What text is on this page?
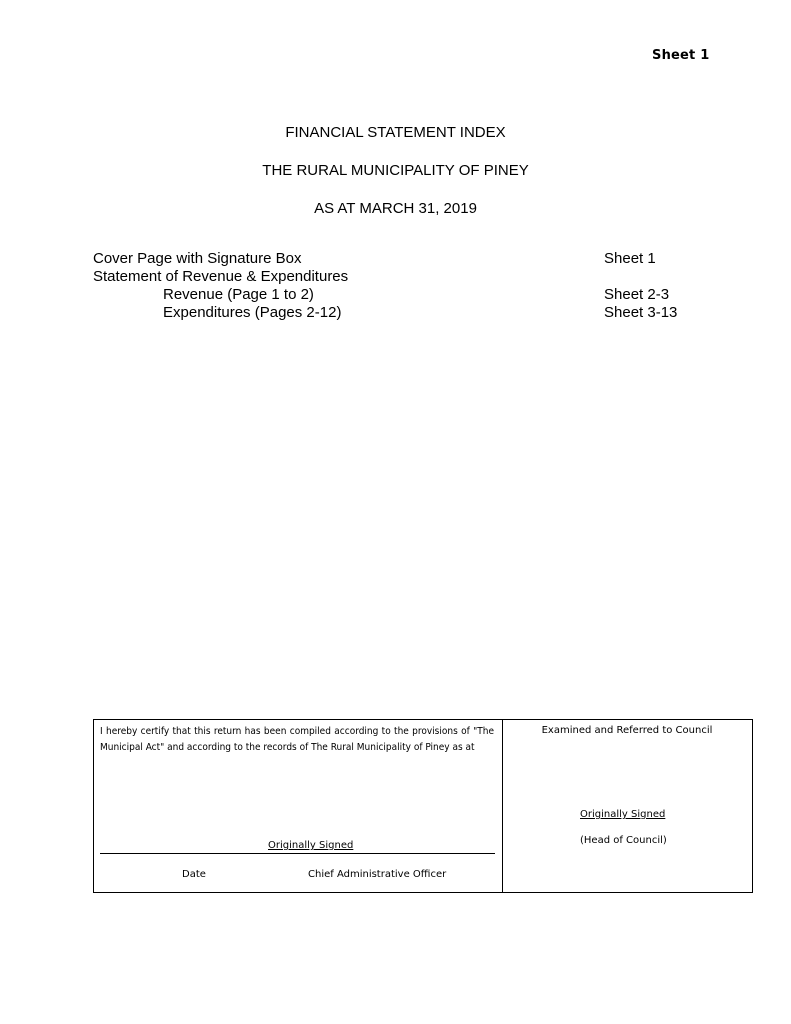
Sheet 1
FINANCIAL STATEMENT INDEX
THE RURAL MUNICIPALITY OF PINEY
AS AT MARCH 31, 2019
Cover Page with Signature Box	Sheet 1
Statement of Revenue & Expenditures
Revenue (Page 1 to 2)	Sheet 2-3
Expenditures (Pages 2-12)	Sheet 3-13
I hereby certify that this return has been compiled according to the provisions of "The Municipal Act" and according to the records of The Rural Municipality of Piney as at
Originally Signed
Date	Chief Administrative Officer
Examined and Referred to Council
Originally Signed
(Head of Council)
